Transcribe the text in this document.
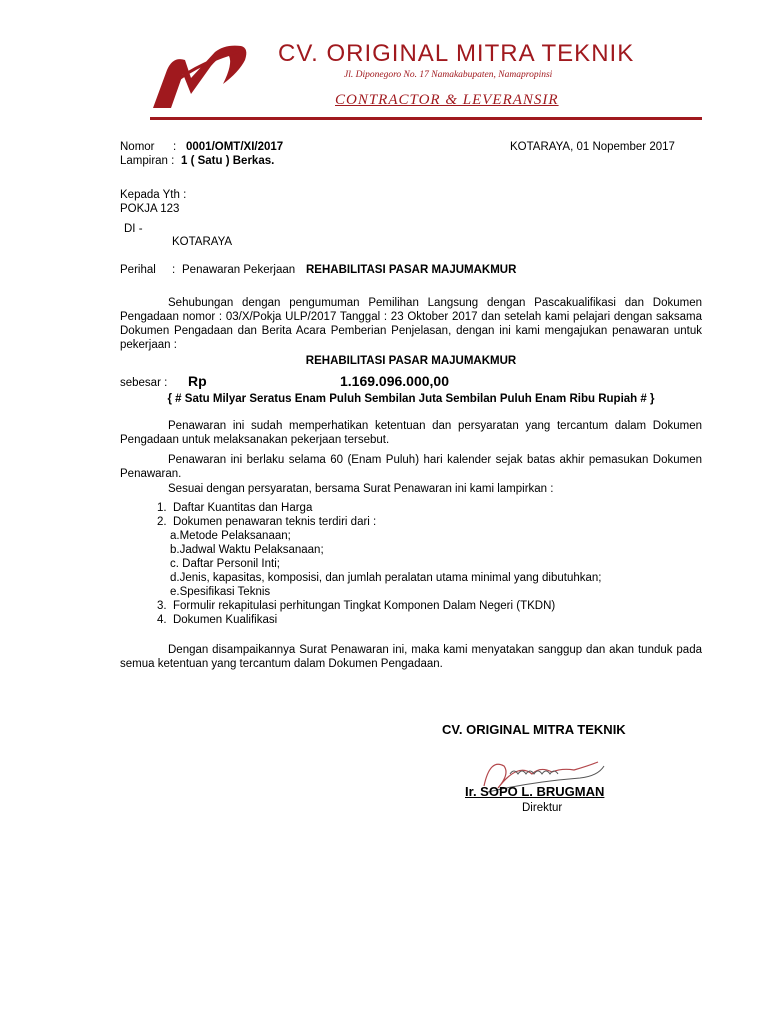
CV. ORIGINAL MITRA TEKNIK
Jl. Diponegoro No. 17 Namakabupaten, Namapropinsi
CONTRACTOR & LEVERANSIR
Nomor : 0001/OMT/XI/2017	KOTARAYA, 01 Nopember 2017
Lampiran : 1 ( Satu ) Berkas.
Kepada Yth :
POKJA 123
DI -
KOTARAYA
Perihal : Penawaran Pekerjaan REHABILITASI PASAR MAJUMAKMUR
Sehubungan dengan pengumuman Pemilihan Langsung dengan Pascakualifikasi dan Dokumen Pengadaan nomor : 03/X/Pokja ULP/2017 Tanggal : 23 Oktober 2017 dan setelah kami pelajari dengan saksama Dokumen Pengadaan dan Berita Acara Pemberian Penjelasan, dengan ini kami mengajukan penawaran untuk pekerjaan :
REHABILITASI PASAR MAJUMAKMUR
sebesar : Rp	1.169.096.000,00
{ # Satu Milyar Seratus Enam Puluh Sembilan Juta Sembilan Puluh Enam Ribu Rupiah # }
Penawaran ini sudah memperhatikan ketentuan dan persyaratan yang tercantum dalam Dokumen Pengadaan untuk melaksanakan pekerjaan tersebut.
Penawaran ini berlaku selama 60 (Enam Puluh) hari kalender sejak batas akhir pemasukan Dokumen Penawaran.
Sesuai dengan persyaratan, bersama Surat Penawaran ini kami lampirkan :
1. Daftar Kuantitas dan Harga
2. Dokumen penawaran teknis terdiri dari :
a.Metode Pelaksanaan;
b.Jadwal Waktu Pelaksanaan;
c. Daftar Personil Inti;
d.Jenis, kapasitas, komposisi, dan jumlah peralatan utama minimal yang dibutuhkan;
e.Spesifikasi Teknis
3. Formulir rekapitulasi perhitungan Tingkat Komponen Dalam Negeri (TKDN)
4. Dokumen Kualifikasi
Dengan disampaikannya Surat Penawaran ini, maka kami menyatakan sanggup dan akan tunduk pada semua ketentuan yang tercantum dalam Dokumen Pengadaan.
CV. ORIGINAL MITRA TEKNIK
Ir. SOPO L. BRUGMAN
Direktur
